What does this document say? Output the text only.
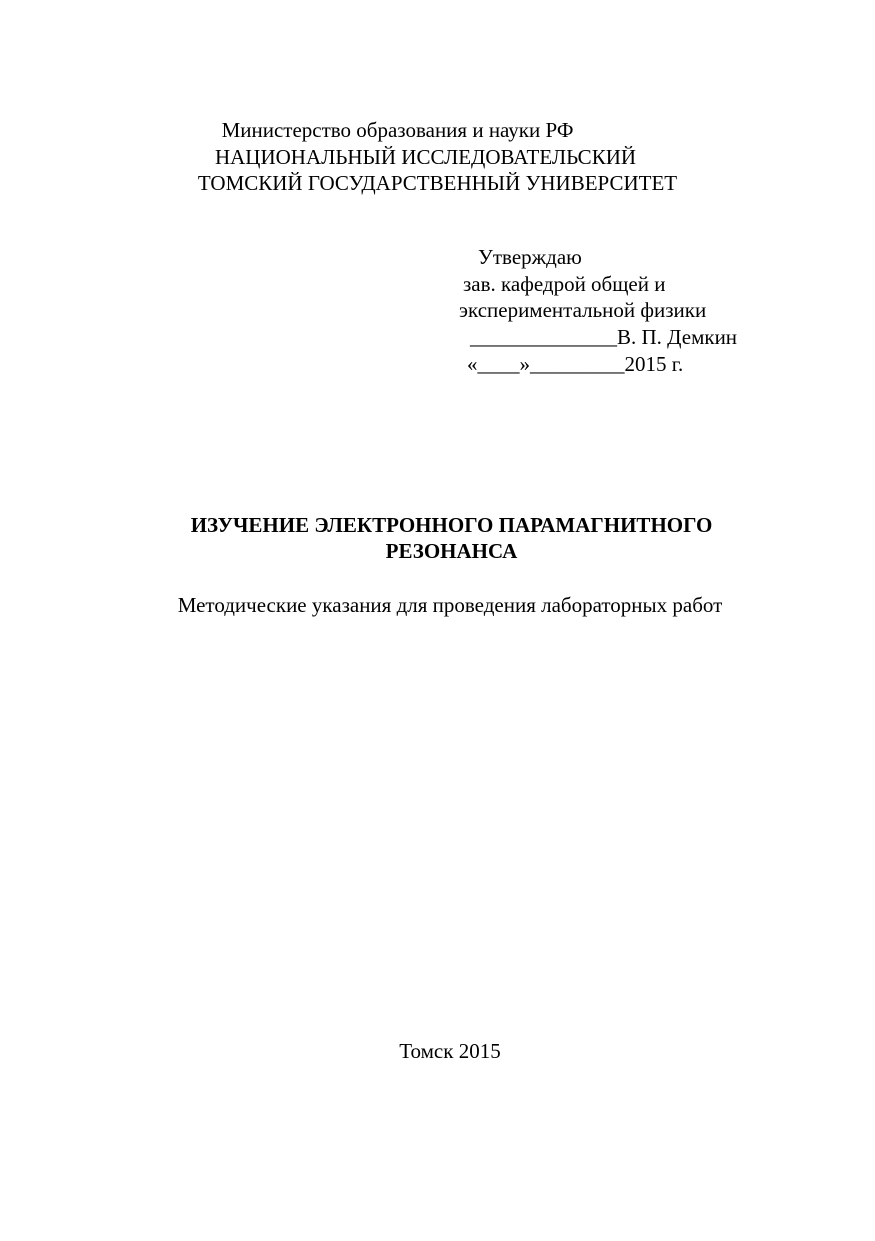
Министерство образования и науки РФ
НАЦИОНАЛЬНЫЙ ИССЛЕДОВАТЕЛЬСКИЙ
ТОМСКИЙ ГОСУДАРСТВЕННЫЙ УНИВЕРСИТЕТ
Утверждаю
зав. кафедрой общей и
экспериментальной физики
______________В. П. Демкин
«____»_________2015 г.
ИЗУЧЕНИЕ ЭЛЕКТРОННОГО ПАРАМАГНИТНОГО
РЕЗОНАНСА
Методические указания для проведения лабораторных работ
Томск 2015
